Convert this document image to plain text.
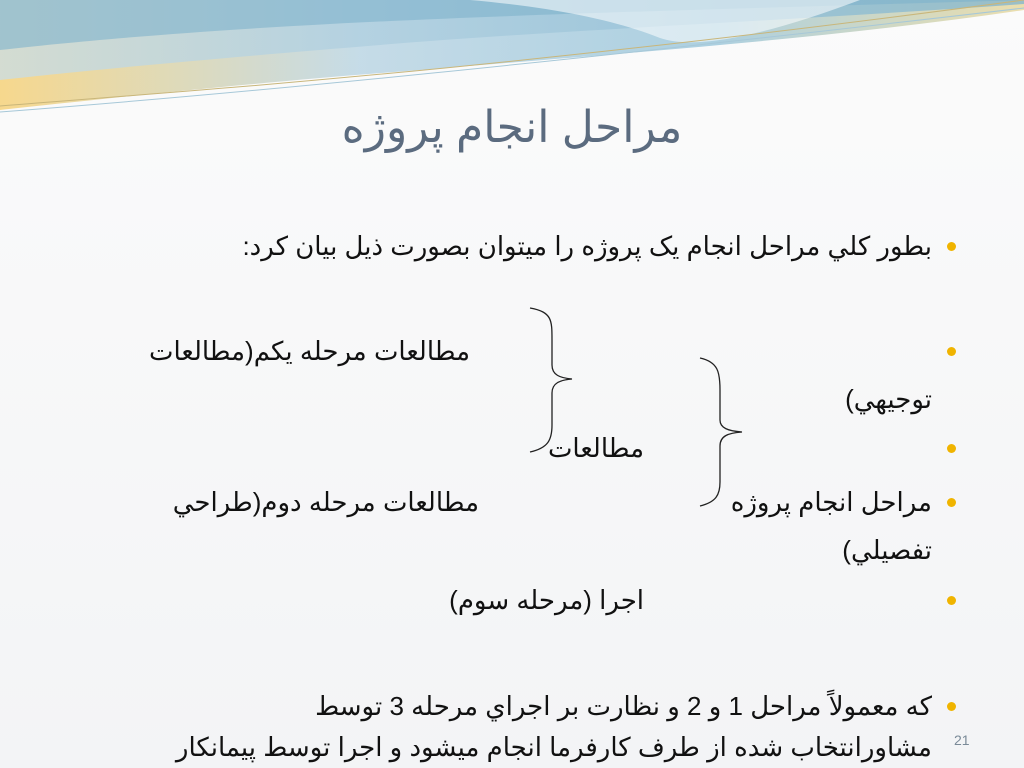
مراحل انجام پروژه
بطور كلي مراحل انجام یک پروژه را ميتوان بصورت ذيل بيان كرد:
مطالعات مرحله يكم(مطالعات
توجيهي)
مطالعات
مراحل انجام پروژه
مطالعات مرحله دوم(طراحي
تفصيلي)
اجرا (مرحله سوم)
كه معمولاً مراحل 1 و 2 و نظارت بر اجراي مرحله 3 توسط
مشاورانتخاب شده از طرف كارفرما انجام ميشود و اجرا توسط پيمانكار 21
